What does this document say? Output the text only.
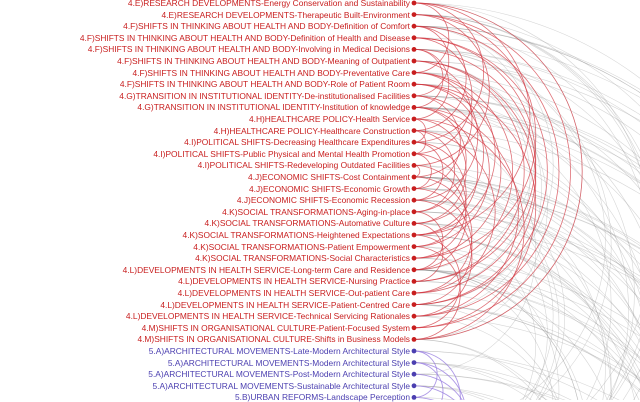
4.E)RESEARCH DEVELOPMENTS-Energy Conservation and Sustainability
4.E)RESEARCH DEVELOPMENTS-Therapeutic Built-Environment
4.F)SHIFTS IN THINKING ABOUT HEALTH AND BODY-Definition of Comfort
4.F)SHIFTS IN THINKING ABOUT HEALTH AND BODY-Definition of Health and Disease
4.F)SHIFTS IN THINKING ABOUT HEALTH AND BODY-Involving in Medical Decisions
4.F)SHIFTS IN THINKING ABOUT HEALTH AND BODY-Meaning of Outpatient
4.F)SHIFTS IN THINKING ABOUT HEALTH AND BODY-Preventative Care
4.F)SHIFTS IN THINKING ABOUT HEALTH AND BODY-Role of Patient Room
4.G)TRANSITION IN INSTITUTIONAL IDENTITY-De-institutionalised Facilities
4.G)TRANSITION IN INSTITUTIONAL IDENTITY-Institution of knowledge
4.H)HEALTHCARE POLICY-Health Service
4.H)HEALTHCARE POLICY-Healthcare Construction
4.I)POLITICAL SHIFTS-Decreasing Healthcare Expenditures
4.I)POLITICAL SHIFTS-Public Physical and Mental Health Promotion
4.I)POLITICAL SHIFTS-Redeveloping Outdated Facilities
4.J)ECONOMIC SHIFTS-Cost Containment
4.J)ECONOMIC SHIFTS-Economic Growth
4.J)ECONOMIC SHIFTS-Economic Recession
4.K)SOCIAL TRANSFORMATIONS-Aging-in-place
4.K)SOCIAL TRANSFORMATIONS-Automative Culture
4.K)SOCIAL TRANSFORMATIONS-Heightened Expectations
4.K)SOCIAL TRANSFORMATIONS-Patient Empowerment
4.K)SOCIAL TRANSFORMATIONS-Social Characteristics
4.L)DEVELOPMENTS IN HEALTH SERVICE-Long-term Care and Residence
4.L)DEVELOPMENTS IN HEALTH SERVICE-Nursing Practice
4.L)DEVELOPMENTS IN HEALTH SERVICE-Out-patient Care
4.L)DEVELOPMENTS IN HEALTH SERVICE-Patient-Centred Care
4.L)DEVELOPMENTS IN HEALTH SERVICE-Technical Servicing Rationales
4.M)SHIFTS IN ORGANISATIONAL CULTURE-Patient-Focused System
4.M)SHIFTS IN ORGANISATIONAL CULTURE-Shifts in Business Models
5.A)ARCHITECTURAL MOVEMENTS-Late-Modern Architectural Style
5.A)ARCHITECTURAL MOVEMENTS-Modern Architectural Style
5.A)ARCHITECTURAL MOVEMENTS-Post-Modern Architectural Style
5.A)ARCHITECTURAL MOVEMENTS-Sustainable Architectural Style
5.B)URBAN REFORMS-Landscape Perception
